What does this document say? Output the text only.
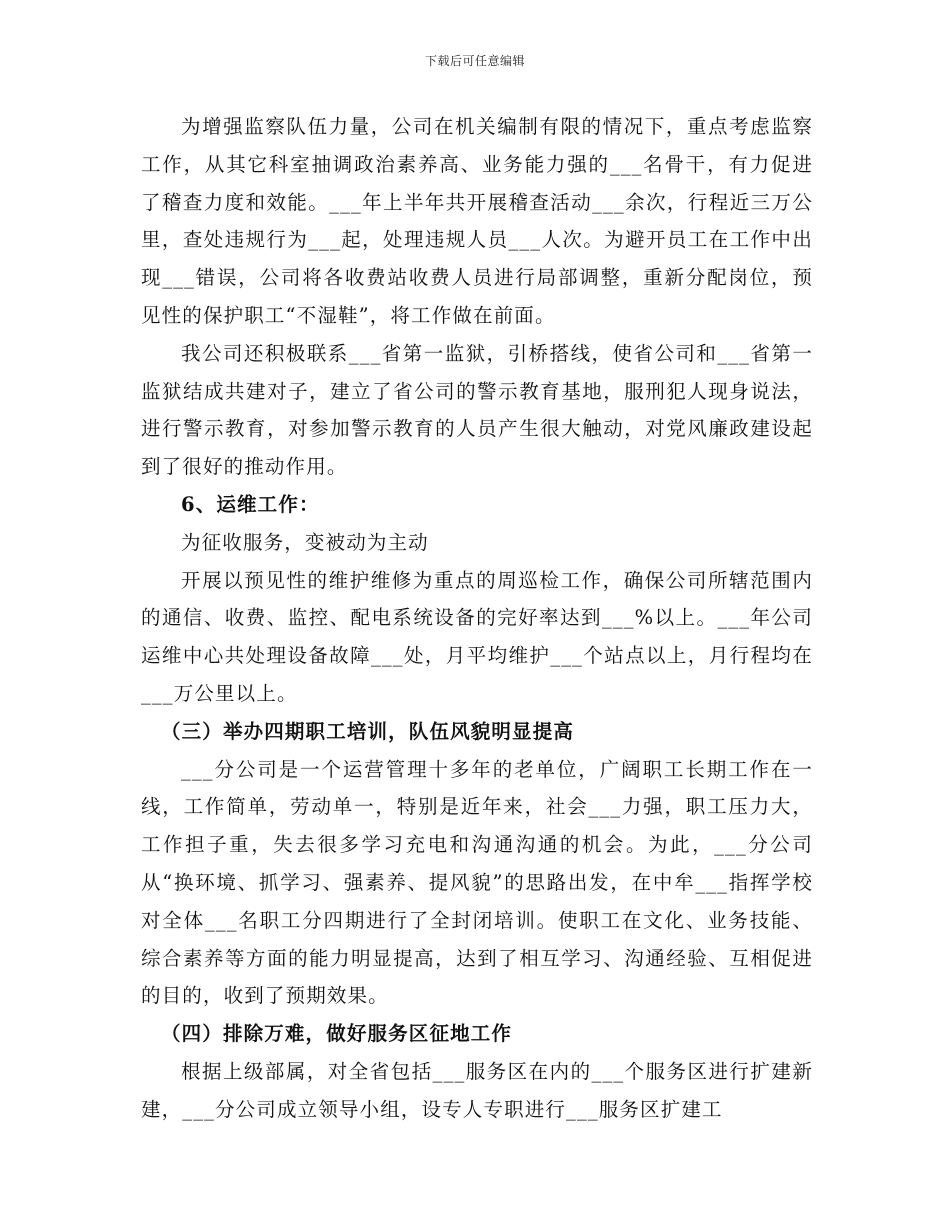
下载后可任意编辑

为增强监察队伍力量，公司在机关编制有限的情况下，重点考虑监察工作，从其它科室抽调政治素养高、业务能力强的___名骨干，有力促进了稽查力度和效能。___年上半年共开展稽查活动___余次，行程近三万公里，查处违规行为___起，处理违规人员___人次。为避开员工在工作中出现___错误，公司将各收费站收费人员进行局部调整，重新分配岗位，预见性的保护职工“不湿鞋”，将工作做在前面。

我公司还积极联系___省第一监狱，引桥搭线，使省公司和___省第一监狱结成共建对子，建立了省公司的警示教育基地，服刑犯人现身说法，进行警示教育，对参加警示教育的人员产生很大触动，对党风廉政建设起到了很好的推动作用。

6、运维工作：

为征收服务，变被动为主动

开展以预见性的维护维修为重点的周巡检工作，确保公司所辖范围内的通信、收费、监控、配电系统设备的完好率达到___%以上。___年公司运维中心共处理设备故障___处，月平均维护___个站点以上，月行程均在___万公里以上。

（三）举办四期职工培训，队伍风貌明显提高

___分公司是一个运营管理十多年的老单位，广阔职工长期工作在一线，工作简单，劳动单一，特别是近年来，社会___力强，职工压力大，工作担子重，失去很多学习充电和沟通沟通的机会。为此，___分公司从“换环境、抓学习、强素养、提风貌”的思路出发，在中牟___指挥学校对全体___名职工分四期进行了全封闭培训。使职工在文化、业务技能、综合素养等方面的能力明显提高，达到了相互学习、沟通经验、互相促进的目的，收到了预期效果。

（四）排除万难，做好服务区征地工作

根据上级部属，对全省包括___服务区在内的___个服务区进行扩建新建，___分公司成立领导小组，设专人专职进行___服务区扩建工
